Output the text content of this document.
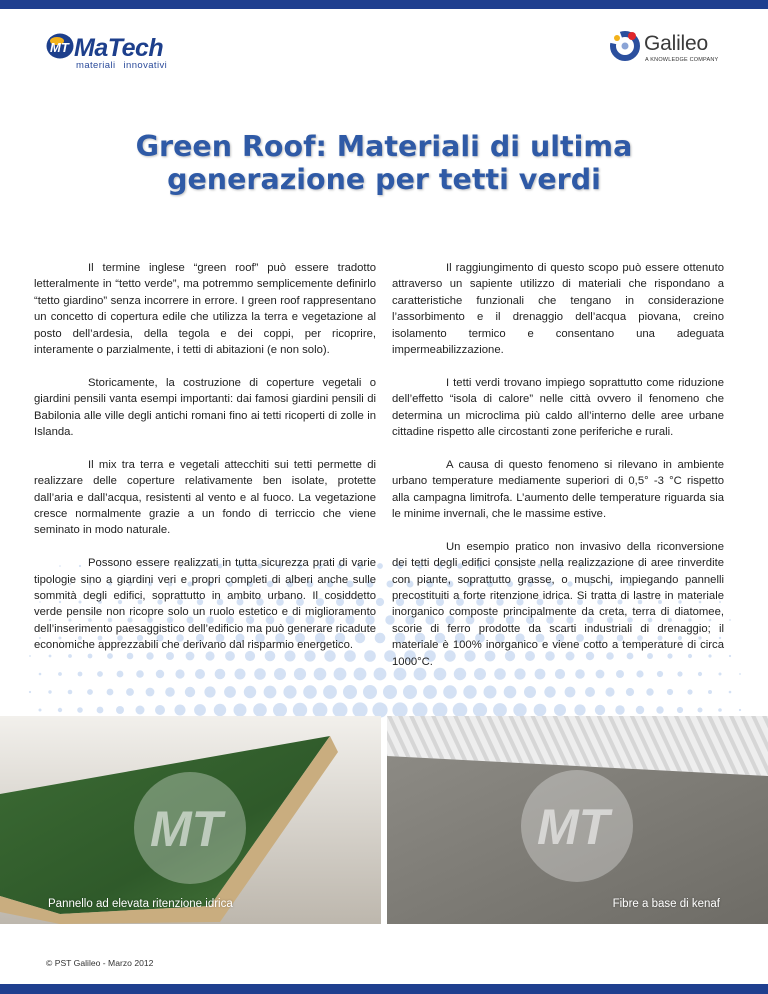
MT MaTech
materiali innovativi
Galileo
A KNOWLEDGE COMPANY
Green Roof: Materiali di ultima
generazione per tetti verdi

Il termine inglese “green roof” può essere tradotto letteralmente in “tetto verde”, ma potremmo semplicemente definirlo “tetto giardino” senza incorrere in errore. I green roof rappresentano un concetto di copertura edile che utilizza la terra e vegetazione al posto dell’ardesia, della tegola e dei coppi, per ricoprire, interamente o parzialmente, i tetti di abitazioni (e non solo).

Storicamente, la costruzione di coperture vegetali o giardini pensili vanta esempi importanti: dai famosi giardini pensili di Babilonia alle ville degli antichi romani fino ai tetti ricoperti di zolle in Islanda.

Il mix tra terra e vegetali attecchiti sui tetti permette di realizzare delle coperture relativamente ben isolate, protette dall’aria e dall’acqua, resistenti al vento e al fuoco. La vegetazione cresce normalmente grazie a un fondo di terriccio che viene seminato in modo naturale.

Possono essere realizzati in tutta sicurezza prati di varie tipologie sino a giardini veri e propri completi di alberi anche sulle sommità degli edifici, soprattutto in ambito urbano. Il cosiddetto verde pensile non ricopre solo un ruolo estetico e di miglioramento dell’inserimento paesaggistico dell’edificio ma può generare ricadute economiche apprezzabili che derivano dal risparmio energetico.

Il raggiungimento di questo scopo può essere ottenuto attraverso un sapiente utilizzo di materiali che rispondano a caratteristiche funzionali che tengano in considerazione l’assorbimento e il drenaggio dell’acqua piovana, creino isolamento termico e consentano una adeguata impermeabilizzazione.

I tetti verdi trovano impiego soprattutto come riduzione dell’effetto “isola di calore” nelle città ovvero il fenomeno che determina un microclima più caldo all’interno delle aree urbane cittadine rispetto alle circostanti zone periferiche e rurali.

A causa di questo fenomeno si rilevano in ambiente urbano temperature mediamente superiori di 0,5° -3 °C rispetto alla campagna limitrofa. L’aumento delle temperature riguarda sia le minime invernali, che le massime estive.

Un esempio pratico non invasivo della riconversione dei tetti degli edifici consiste nella realizzazione di aree rinverdite con piante, soprattutto grasse, o muschi, impiegando pannelli precostituiti a forte ritenzione idrica. Si tratta di lastre in materiale inorganico composte principalmente da creta, terra di diatomee, scorie di ferro prodotte da scarti industriali di drenaggio; il materiale è 100% inorganico e viene cotto a temperature di circa 1000°C.

MT	MT
Pannello ad elevata ritenzione idrica	Fibre a base di kenaf
© PST Galileo - Marzo 2012
